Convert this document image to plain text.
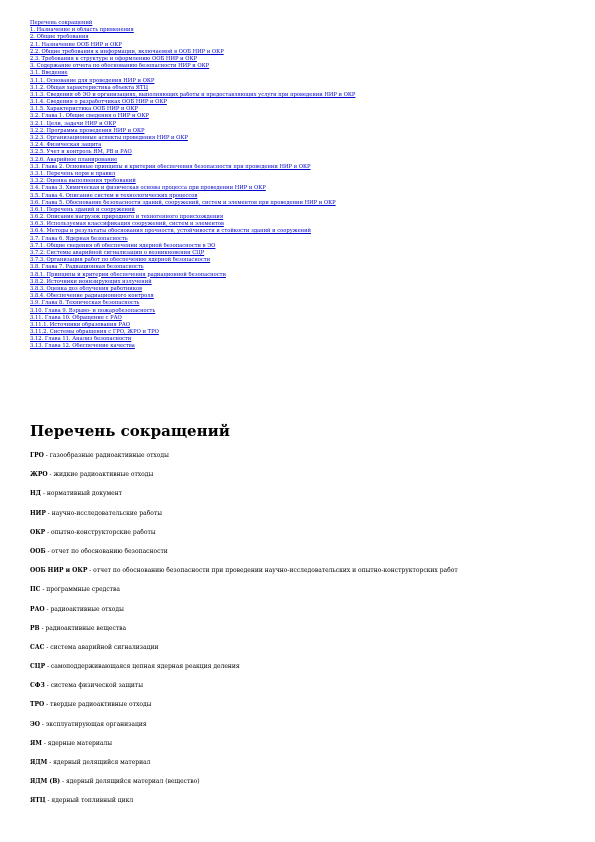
Перечень сокращений
1. Назначение и область применения
2. Общие требования
2.1. Назначение ООБ НИР и ОКР
2.2. Общие требования к информации, включаемой в ООБ НИР и ОКР
2.3. Требования к структуре и оформлению ООБ НИР и ОКР
3. Содержание отчета по обоснованию безопасности НИР и ОКР
3.1. Введение
3.1.1. Основание для проведения НИР и ОКР
3.1.2. Общая характеристика объекта ЯТЦ
3.1.3. Сведения об ЭО и организациях, выполняющих работы и предоставляющих услуги при проведении НИР и ОКР
3.1.4. Сведения о разработчиках ООБ НИР и ОКР
3.1.5. Характеристика ООБ НИР и ОКР
3.2. Глава 1. Общие сведения о НИР и ОКР
3.2.1. Цели, задачи НИР и ОКР
3.2.2. Программа проведения НИР и ОКР
3.2.3. Организационные аспекты проведения НИР и ОКР
3.2.4. Физическая защита
3.2.5. Учет и контроль ЯМ, РВ и РАО
3.2.6. Аварийное планирование
3.3. Глава 2. Основные принципы и критерии обеспечения безопасности при проведении НИР и ОКР
3.3.1. Перечень норм и правил
3.3.2. Оценка выполнения требований
3.4. Глава 3. Химическая и физическая основы процесса при проведении НИР и ОКР
3.5. Глава 4. Описание систем и технологических процессов
3.6. Глава 5. Обоснование безопасности зданий, сооружений, систем и элементов при проведении НИР и ОКР
3.6.1. Перечень зданий и сооружений
3.6.2. Описание нагрузок природного и техногенного происхождения
3.6.3. Используемая классификация сооружений, систем и элементов
3.6.4. Методы и результаты обоснования прочности, устойчивости и стойкости зданий и сооружений
3.7. Глава 6. Ядерная безопасность
3.7.1. Общие сведения об обеспечении ядерной безопасности в ЭО
3.7.2. Системы аварийной сигнализации о возникновении СЦР
3.7.3. Организация работ по обеспечению ядерной безопасности
3.8. Глава 7. Радиационная безопасность
3.8.1. Принципы и критерии обеспечения радиационной безопасности
3.8.2. Источники ионизирующих излучений
3.8.3. Оценка доз облучения работников
3.8.4. Обеспечение радиационного контроля
3.9. Глава 8. Техническая безопасность
3.10. Глава 9. Взрыво- и пожаробезопасность
3.11. Глава 10. Обращение с РАО
3.11.1. Источники образования РАО
3.11.2. Системы обращения с ГРО, ЖРО и ТРО
3.12. Глава 11. Анализ безопасности
3.13. Глава 12. Обеспечение качества
Перечень сокращений
ГРО - газообразные радиоактивные отходы
ЖРО - жидкие радиоактивные отходы
НД - нормативный документ
НИР - научно-исследовательские работы
ОКР - опытно-конструкторские работы
ООБ - отчет по обоснованию безопасности
ООБ НИР и ОКР - отчет по обоснованию безопасности при проведении научно-исследовательских и опытно-конструкторских работ
ПС - программные средства
РАО - радиоактивные отходы
РВ - радиоактивные вещества
САС - система аварийной сигнализации
СЦР - самоподдерживающаяся цепная ядерная реакция деления
СФЗ - система физической защиты
ТРО - твердые радиоактивные отходы
ЭО - эксплуатирующая организация
ЯМ - ядерные материалы
ЯДМ - ядерный делящийся материал
ЯДМ (В) - ядерный делящийся материал (вещество)
ЯТЦ - ядерный топливный цикл
